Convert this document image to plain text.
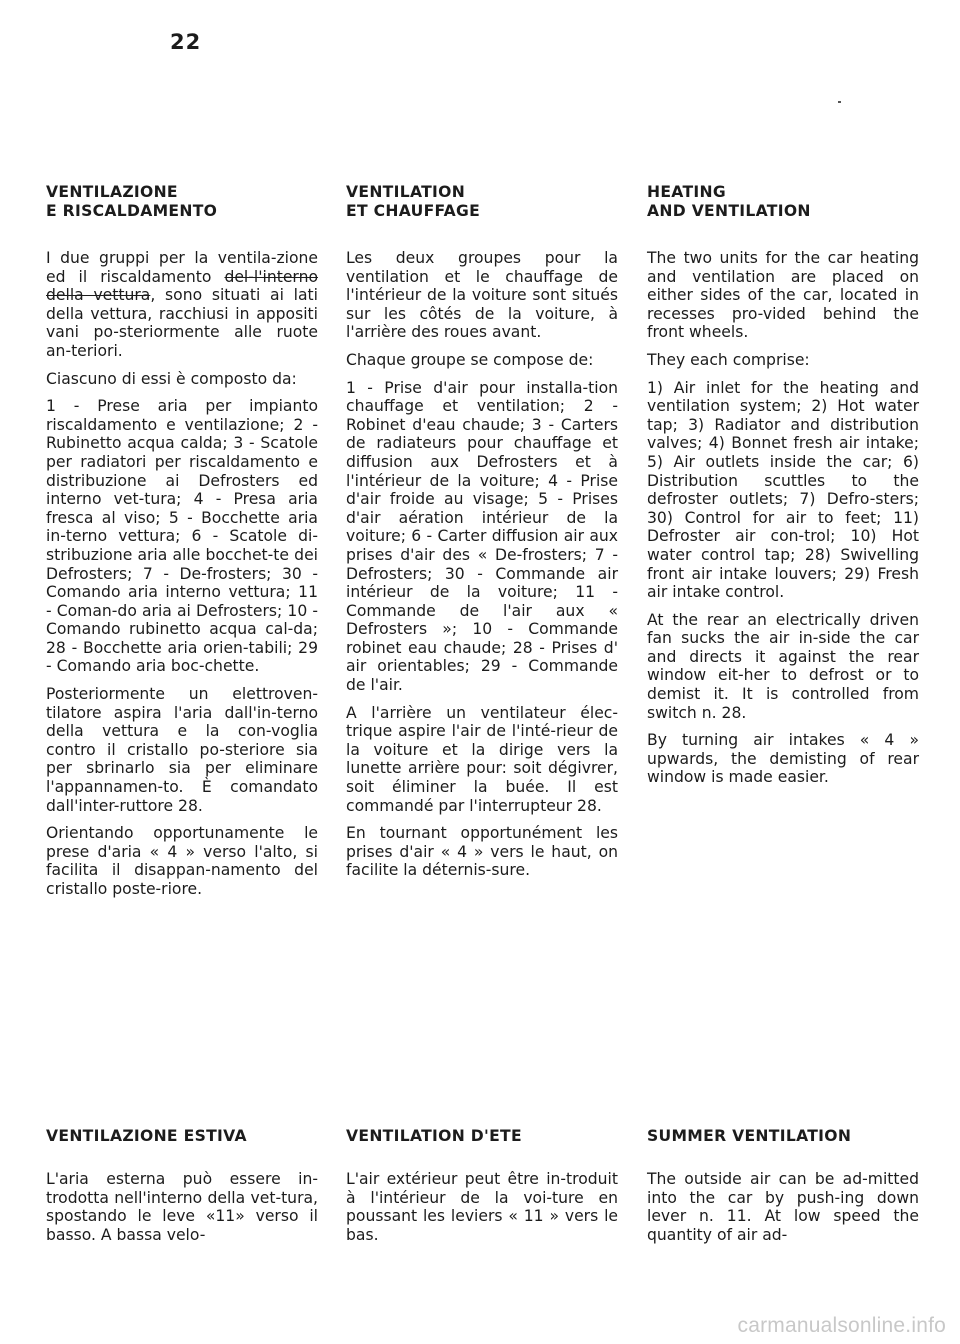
22
VENTILAZIONE
E RISCALDAMENTO

I due gruppi per la ventila-zione ed il riscaldamento del-l'interno della vettura, sono situati ai lati della vettura, racchiusi in appositi vani po-steriormente alle ruote an-teriori.

Ciascuno di essi è composto da:

1 - Prese aria per impianto riscaldamento e ventilazione; 2 - Rubinetto acqua calda; 3 - Scatole per radiatori per riscaldamento e distribuzione ai Defrosters ed interno vet-tura; 4 - Presa aria fresca al viso; 5 - Bocchette aria in-terno vettura; 6 - Scatole di-stribuzione aria alle bocchet-te dei Defrosters; 7 - De-frosters; 30 - Comando aria interno vettura; 11 - Coman-do aria ai Defrosters; 10 - Comando rubinetto acqua cal-da; 28 - Bocchette aria orien-tabili; 29 - Comando aria boc-chette.

Posteriormente un elettroven-tilatore aspira l'aria dall'in-terno della vettura e la con-voglia contro il cristallo po-steriore sia per sbrinarlo sia per eliminare l'appannamen-to. È comandato dall'inter-ruttore 28.

Orientando opportunamente le prese d'aria « 4 » verso l'alto, si facilita il disappan-namento del cristallo poste-riore.

VENTILATION
ET CHAUFFAGE

Les deux groupes pour la ventilation et le chauffage de l'intérieur de la voiture sont situés sur les côtés de la voiture, à l'arrière des roues avant.

Chaque groupe se compose de:

1 - Prise d'air pour installa-tion chauffage et ventilation; 2 - Robinet d'eau chaude; 3 - Carters de radiateurs pour chauffage et diffusion aux Defrosters et à l'intérieur de la voiture; 4 - Prise d'air froide au visage; 5 - Prises d'air aération intérieur de la voiture; 6 - Carter diffusion air aux prises d'air des « De-frosters; 7 - Defrosters; 30 - Commande air intérieur de la voiture; 11 - Commande de l'air aux « Defrosters »; 10 - Commande robinet eau chaude; 28 - Prises d' air orientables; 29 - Commande de l'air.

A l'arrière un ventilateur élec-trique aspire l'air de l'inté-rieur de la voiture et la dirige vers la lunette arrière pour: soit dégivrer, soit éliminer la buée. Il est commandé par l'interrupteur 28.

En tournant opportunément les prises d'air « 4 » vers le haut, on facilite la déternis-sure.

HEATING
AND VENTILATION

The two units for the car heating and ventilation are placed on either sides of the car, located in recesses pro-vided behind the front wheels.

They each comprise:

1) Air inlet for the heating and ventilation system; 2) Hot water tap; 3) Radiator and distribution valves; 4) Bonnet fresh air intake; 5) Air outlets inside the car; 6) Distribution scuttles to the defroster outlets; 7) Defro-sters; 30) Control for air to feet; 11) Defroster air con-trol; 10) Hot water control tap; 28) Swivelling front air intake louvers; 29) Fresh air intake control.

At the rear an electrically driven fan sucks the air in-side the car and directs it against the rear window eit-her to defrost or to demist it. It is controlled from switch n. 28.

By turning air intakes « 4 » upwards, the demisting of rear window is made easier.

VENTILAZIONE ESTIVA

L'aria esterna può essere in-trodotta nell'interno della vet-tura, spostando le leve «11» verso il basso. A bassa velo-

VENTILATION D'ETE

L'air extérieur peut être in-troduit à l'intérieur de la voi-ture en poussant les leviers « 11 » vers le bas.

SUMMER VENTILATION

The outside air can be ad-mitted into the car by push-ing down lever n. 11. At low speed the quantity of air ad-

carmanualsonline.info
